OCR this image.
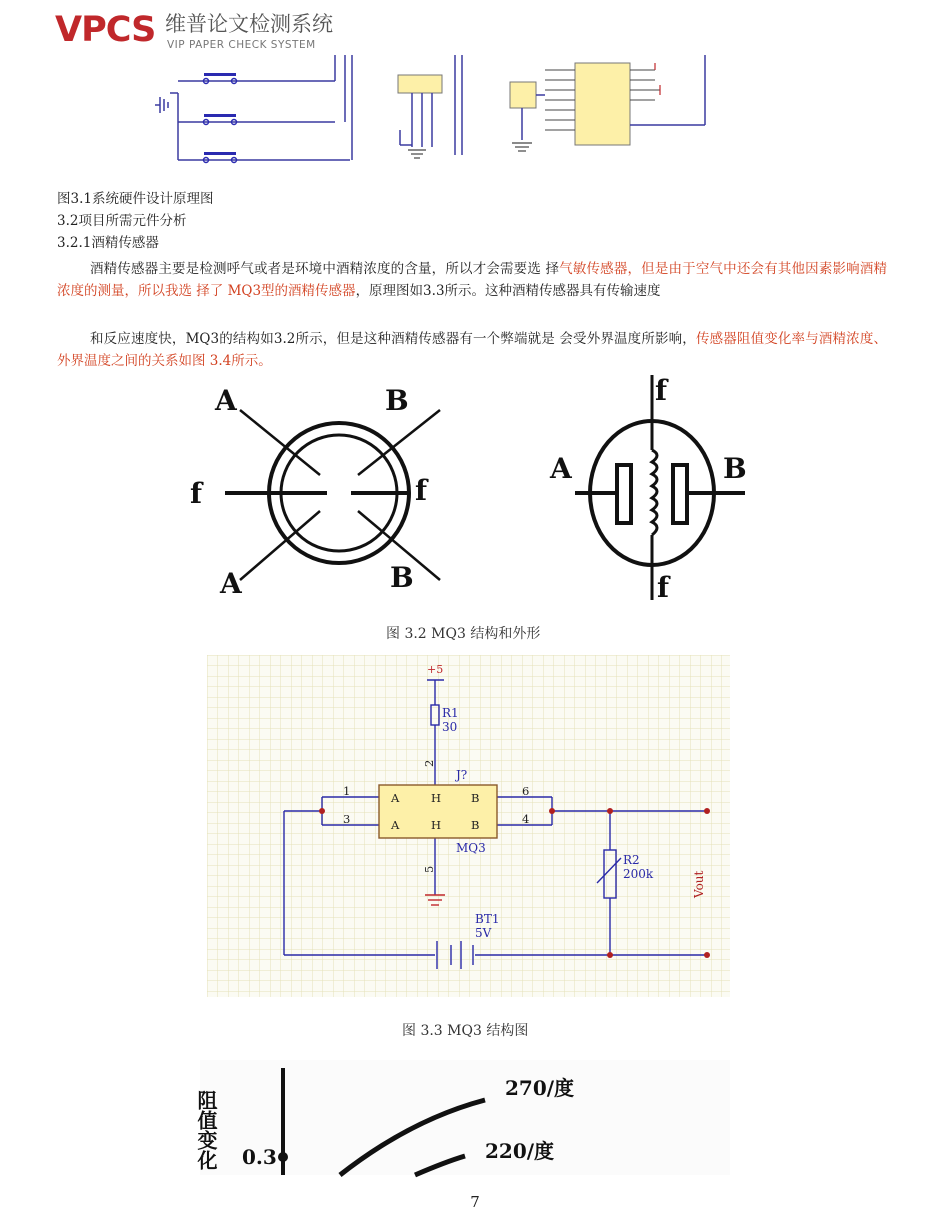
VPCS 维普论文检测系统
VIP PAPER CHECK SYSTEM
图3.1系统硬件设计原理图
3.2项目所需元件分析
3.2.1酒精传感器
酒精传感器主要是检测呼气或者是环境中酒精浓度的含量，所以才会需要选 择气敏传感器，但是由于空气中还会有其他因素影响酒精浓度的测量，所以我选 择了 MQ3型的酒精传感器，原理图如3.3所示。这种酒精传感器具有传输速度
和反应速度快，MQ3的结构如3.2所示，但是这种酒精传感器有一个弊端就是 会受外界温度所影响，传感器阻值变化率与酒精浓度、外界温度之间的关系如图 3.4所示。
A	B
f	f
A	B
f
A	B
f
图 3.2 MQ3 结构和外形
A
A
H
H
B
B
1
3
6
4
2
5
R1
30
J?
MQ3
R2
200k
BT1
5V
+5
Vout
图 3.3 MQ3 结构图
阻值变化 0.3
270/度
220/度
7
